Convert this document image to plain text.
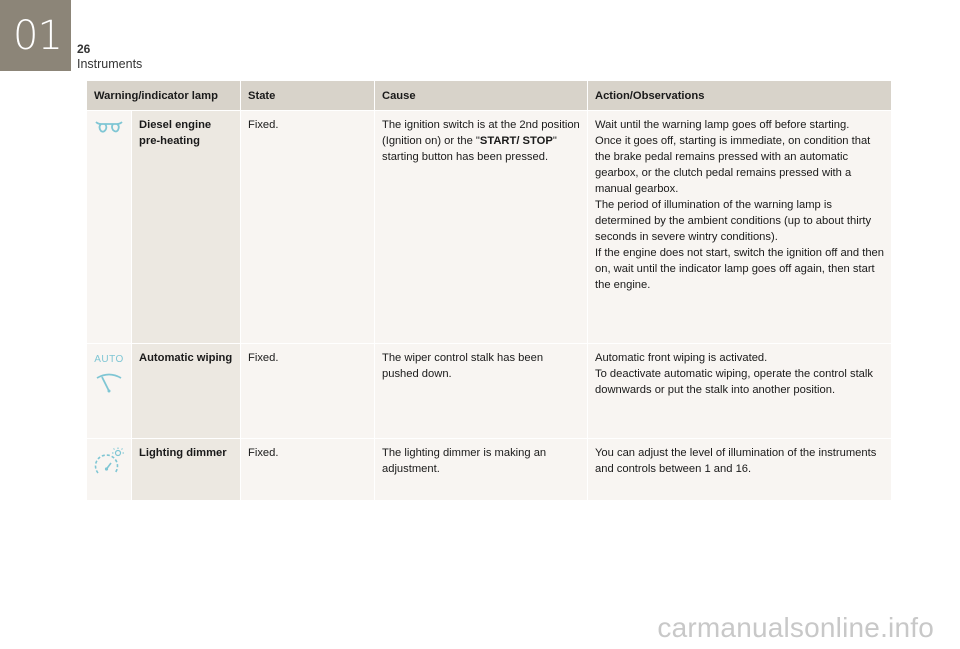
01 26
Instruments
Warning/indicator lamp		State	Cause	Action/Observations

	Diesel engine pre-heating	Fixed.	The ignition switch is at the 2nd position (Ignition on) or the "START/ STOP" starting button has been pressed.	Wait until the warning lamp goes off before starting.
Once it goes off, starting is immediate, on condition that the brake pedal remains pressed with an automatic gearbox, or the clutch pedal remains pressed with a manual gearbox.
The period of illumination of the warning lamp is determined by the ambient conditions (up to about thirty seconds in severe wintry conditions).
If the engine does not start, switch the ignition off and then on, wait until the indicator lamp goes off again, then start the engine.

AUTO	Automatic wiping	Fixed.	The wiper control stalk has been pushed down.	Automatic front wiping is activated.
To deactivate automatic wiping, operate the control stalk downwards or put the stalk into another position.

	Lighting dimmer	Fixed.	The lighting dimmer is making an adjustment.	You can adjust the level of illumination of the instruments and controls between 1 and 16.
carmanualsonline.info
